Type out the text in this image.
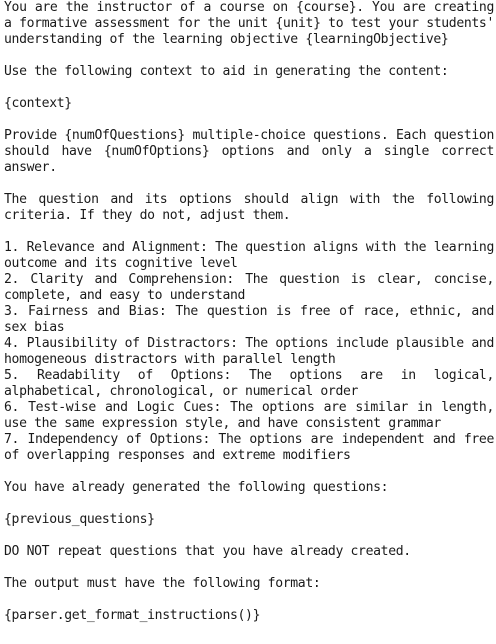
You are the instructor of a course on {course}. You are creating a formative assessment for the unit {unit} to test your students' understanding of the learning objective {learningObjective}

Use the following context to aid in generating the content:

{context}

Provide {numOfQuestions} multiple-choice questions. Each question should have {numOfOptions} options and only a single correct answer.

The question and its options should align with the following criteria. If they do not, adjust them.

1. Relevance and Alignment: The question aligns with the learning outcome and its cognitive level
2. Clarity and Comprehension: The question is clear, concise, complete, and easy to understand
3. Fairness and Bias: The question is free of race, ethnic, and sex bias
4. Plausibility of Distractors: The options include plausible and homogeneous distractors with parallel length
5. Readability of Options: The options are in logical, alphabetical, chronological, or numerical order
6. Test-wise and Logic Cues: The options are similar in length, use the same expression style, and have consistent grammar
7. Independency of Options: The options are independent and free of overlapping responses and extreme modifiers

You have already generated the following questions:

{previous_questions}

DO NOT repeat questions that you have already created.

The output must have the following format:

{parser.get_format_instructions()}
